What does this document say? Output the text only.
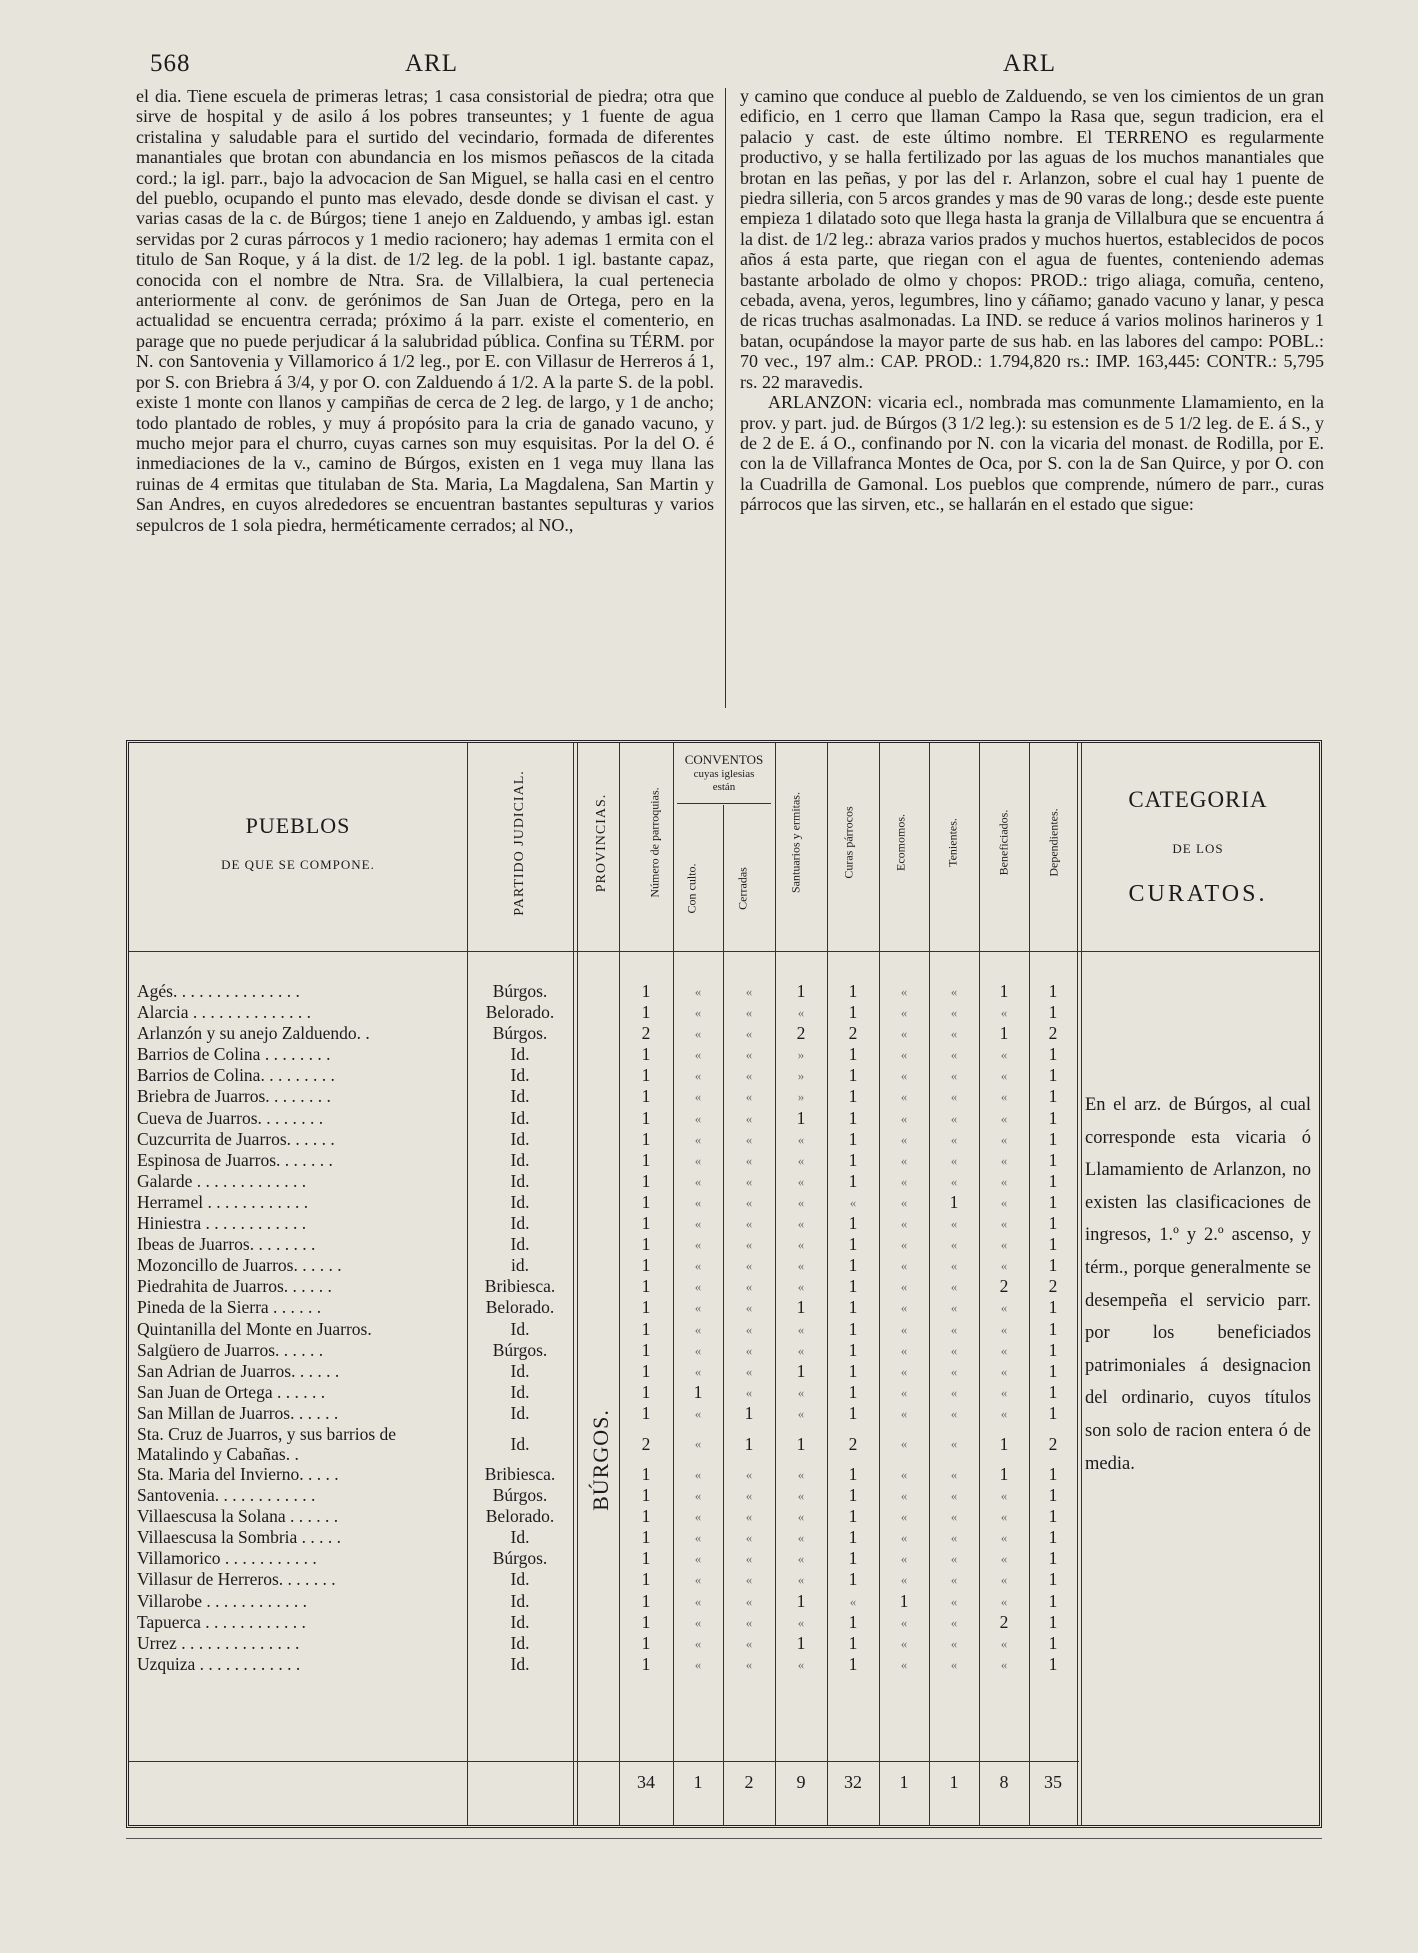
568	ARL	ARL

el dia. Tiene escuela de primeras letras; 1 casa consistorial de piedra; otra que sirve de hospital y de asilo á los pobres transeuntes; y 1 fuente de agua cristalina y saludable para el surtido del vecindario, formada de diferentes manantiales que brotan con abundancia en los mismos peñascos de la citada cord.; la igl. parr., bajo la advocacion de San Miguel, se halla casi en el centro del pueblo, ocupando el punto mas elevado, desde donde se divisan el cast. y varias casas de la c. de Búrgos; tiene 1 anejo en Zalduendo, y ambas igl. estan servidas por 2 curas párrocos y 1 medio racionero; hay ademas 1 ermita con el titulo de San Roque, y á la dist. de 1/2 leg. de la pobl. 1 igl. bastante capaz, conocida con el nombre de Ntra. Sra. de Villalbiera, la cual pertenecia anteriormente al conv. de gerónimos de San Juan de Ortega, pero en la actualidad se encuentra cerrada; próximo á la parr. existe el comenterio, en parage que no puede perjudicar á la salubridad pública. Confina su TÉRM. por N. con Santovenia y Villamorico á 1/2 leg., por E. con Villasur de Herreros á 1, por S. con Briebra á 3/4, y por O. con Zalduendo á 1/2. A la parte S. de la pobl. existe 1 monte con llanos y campiñas de cerca de 2 leg. de largo, y 1 de ancho; todo plantado de robles, y muy á propósito para la cria de ganado vacuno, y mucho mejor para el churro, cuyas carnes son muy esquisitas. Por la del O. é inmediaciones de la v., camino de Búrgos, existen en 1 vega muy llana las ruinas de 4 ermitas que titulaban de Sta. Maria, La Magdalena, San Martin y San Andres, en cuyos alrededores se encuentran bastantes sepulturas y varios sepulcros de 1 sola piedra, herméticamente cerrados; al NO.,

y camino que conduce al pueblo de Zalduendo, se ven los cimientos de un gran edificio, en 1 cerro que llaman Campo la Rasa que, segun tradicion, era el palacio y cast. de este último nombre. El TERRENO es regularmente productivo, y se halla fertilizado por las aguas de los muchos manantiales que brotan en las peñas, y por las del r. Arlanzon, sobre el cual hay 1 puente de piedra silleria, con 5 arcos grandes y mas de 90 varas de long.; desde este puente empieza 1 dilatado soto que llega hasta la granja de Villalbura que se encuentra á la dist. de 1/2 leg.: abraza varios prados y muchos huertos, establecidos de pocos años á esta parte, que riegan con el agua de fuentes, conteniendo ademas bastante arbolado de olmo y chopos: PROD.: trigo aliaga, comuña, centeno, cebada, avena, yeros, legumbres, lino y cáñamo; ganado vacuno y lanar, y pesca de ricas truchas asalmonadas. La IND. se reduce á varios molinos harineros y 1 batan, ocupándose la mayor parte de sus hab. en las labores del campo: POBL.: 70 vec., 197 alm.: CAP. PROD.: 1.794,820 rs.: IMP. 163,445: CONTR.: 5,795 rs. 22 maravedis.

ARLANZON: vicaria ecl., nombrada mas comunmente Llamamiento, en la prov. y part. jud. de Búrgos (3 1/2 leg.): su estension es de 5 1/2 leg. de E. á S., y de 2 de E. á O., confinando por N. con la vicaria del monast. de Rodilla, por E. con la de Villafranca Montes de Oca, por S. con la de San Quirce, y por O. con la Cuadrilla de Gamonal. Los pueblos que comprende, número de parr., curas párrocos que las sirven, etc., se hallarán en el estado que sigue:

PUEBLOS
DE QUE SE COMPONE.	PARTIDO JUDICIAL.	PROVINCIAS.	Número de parroquias.
CONVENTOS
cuyas iglesias están
Con culto.	Cerradas	Santuarios y ermitas.	Curas párrocos	Ecomomos.	Tenientes.	Beneficiados.	Dependientes.
CATEGORIA
DE LOS
CURATOS.
Agés. . . . . . . . . . . . . . .	Búrgos.	1	«	«	1	1	«	«	1	1
Alarcia . . . . . . . . . . . . . .	Belorado.	1	«	«	«	1	«	«	«	1
Arlanzón y su anejo Zalduendo. .	Búrgos.	2	«	«	2	2	«	«	1	2
Barrios de Colina . . . . . . . .	Id.	1	«	«	»	1	«	«	«	1
Barrios de Colina. . . . . . . . .	Id.	1	«	«	»	1	«	«	«	1
Briebra de Juarros. . . . . . . .	Id.	1	«	«	»	1	«	«	«	1
Cueva de Juarros. . . . . . . .	Id.	1	«	«	1	1	«	«	«	1
Cuzcurrita de Juarros. . . . . .	Id.	1	«	«	«	1	«	«	«	1
Espinosa de Juarros. . . . . . .	Id.	1	«	«	«	1	«	«	«	1
Galarde . . . . . . . . . . . . .	Id.	1	«	«	«	1	«	«	«	1
Herramel . . . . . . . . . . . .	Id.	1	«	«	«	«	«	1	«	1
Hiniestra . . . . . . . . . . . .	Id.	1	«	«	«	1	«	«	«	1
Ibeas de Juarros. . . . . . . .	Id.	1	«	«	«	1	«	«	«	1
Mozoncillo de Juarros. . . . . .	id.	1	«	«	«	1	«	«	«	1
Piedrahita de Juarros. . . . . .	Bribiesca.	1	«	«	«	1	«	«	2	2
Pineda de la Sierra . . . . . .	Belorado.	1	«	«	1	1	«	«	«	1
Quintanilla del Monte en Juarros.	Id.	1	«	«	«	1	«	«	«	1
Salgüero de Juarros. . . . . .	Búrgos.	1	«	«	«	1	«	«	«	1
San Adrian de Juarros. . . . . .	Id.	1	«	«	1	1	«	«	«	1
San Juan de Ortega . . . . . .	Id.	1	1	«	«	1	«	«	«	1
San Millan de Juarros. . . . . .	Id.	1	«	1	«	1	«	«	«	1
Sta. Cruz de Juarros, y sus barrios de Matalindo y Cabañas. .	Id.	2	«	1	1	2	«	«	1	2
Sta. Maria del Invierno. . . . .	Bribiesca.	1	«	«	«	1	«	«	1	1
Santovenia. . . . . . . . . . . .	Búrgos.	1	«	«	«	1	«	«	«	1
Villaescusa la Solana . . . . . .	Belorado.	1	«	«	«	1	«	«	«	1
Villaescusa la Sombria . . . . .	Id.	1	«	«	«	1	«	«	«	1
Villamorico . . . . . . . . . . .	Búrgos.	1	«	«	«	1	«	«	«	1
Villasur de Herreros. . . . . . .	Id.	1	«	«	«	1	«	«	«	1
Villarobe . . . . . . . . . . . .	Id.	1	«	«	1	«	1	«	«	1
Tapuerca . . . . . . . . . . . .	Id.	1	«	«	«	1	«	«	2	1
Urrez . . . . . . . . . . . . . .	Id.	1	«	«	1	1	«	«	«	1
Uzquiza . . . . . . . . . . . .	Id.	1	«	«	«	1	«	«	«	1
BÚRGOS.
34	1	2	9	32	1	1	8	35
En el arz. de Búrgos, al cual corresponde esta vicaria ó Llamamiento de Arlanzon, no existen las clasificaciones de ingresos, 1.º y 2.º ascenso, y térm., porque generalmente se desempeña el servicio parr. por los beneficiados patrimoniales á designacion del ordinario, cuyos títulos son solo de racion entera ó de media.
